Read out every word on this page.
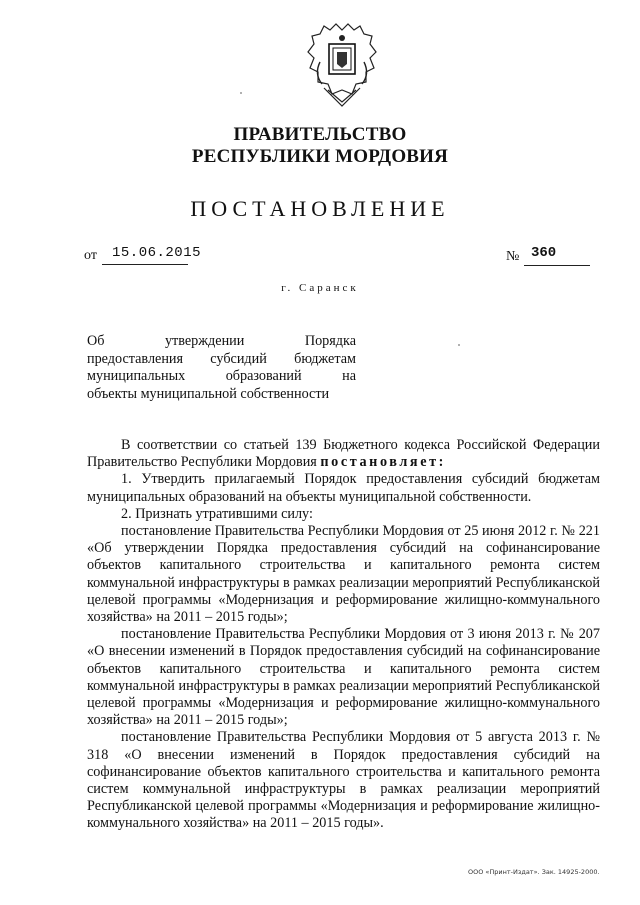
ПРАВИТЕЛЬСТВО
РЕСПУБЛИКИ МОРДОВИЯ
ПОСТАНОВЛЕНИЕ
от 15.06.2015	№ 360
г. Саранск
Об утверждении Порядка
предоставления субсидий бюджетам
муниципальных образований на
объекты муниципальной собственности

В соответствии со статьей 139 Бюджетного кодекса Российской Федерации Правительство Республики Мордовия постановляет:

1. Утвердить прилагаемый Порядок предоставления субсидий бюджетам муниципальных образований на объекты муниципальной собственности.

2. Признать утратившими силу:

постановление Правительства Республики Мордовия от 25 июня 2012 г. № 221 «Об утверждении Порядка предоставления субсидий на софинансирование объектов капитального строительства и капитального ремонта систем коммунальной инфраструктуры в рамках реализации мероприятий Республиканской целевой программы «Модернизация и реформирование жилищно-коммунального хозяйства» на 2011 – 2015 годы»;

постановление Правительства Республики Мордовия от 3 июня 2013 г. № 207 «О внесении изменений в Порядок предоставления субсидий на софинансирование объектов капитального строительства и капитального ремонта систем коммунальной инфраструктуры в рамках реализации мероприятий Республиканской целевой программы «Модернизация и реформирование жилищно-коммунального хозяйства» на 2011 – 2015 годы»;

постановление Правительства Республики Мордовия от 5 августа 2013 г. № 318 «О внесении изменений в Порядок предоставления субсидий на софинансирование объектов капитального строительства и капитального ремонта систем коммунальной инфраструктуры в рамках реализации мероприятий Республиканской целевой программы «Модернизация и реформирование жилищно-коммунального хозяйства» на 2011 – 2015 годы».

ООО «Принт-Издат». Зак. 14925-2000.
